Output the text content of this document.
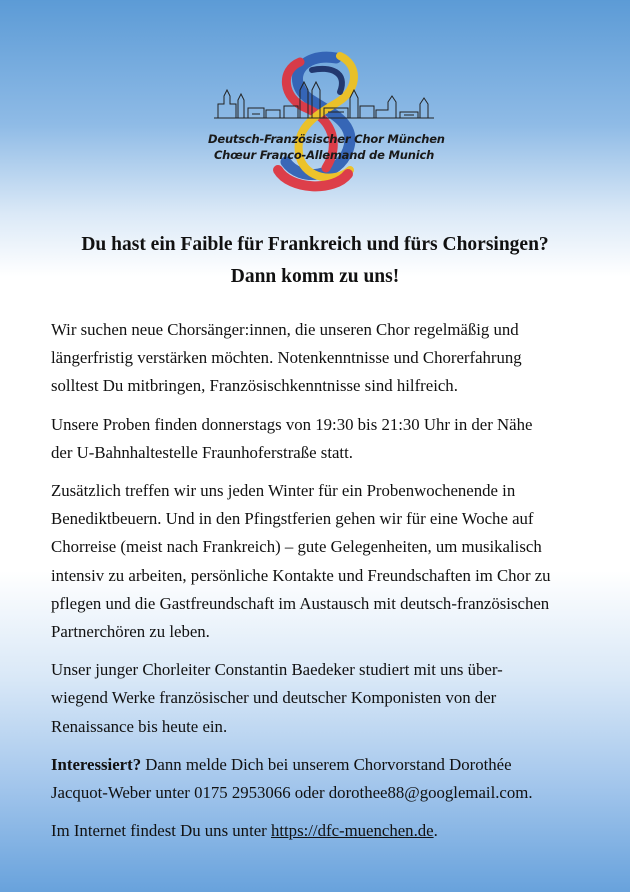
Deutsch-Französischer Chor München
Chœur Franco-Allemand de Munich
Du hast ein Faible für Frankreich und fürs Chorsingen?
Dann komm zu uns!

Wir suchen neue Chorsänger:innen, die unseren Chor regelmäßig und
längerfristig verstärken möchten. Notenkenntnisse und Chorerfahrung
solltest Du mitbringen, Französischkenntnisse sind hilfreich.

Unsere Proben finden donnerstags von 19:30 bis 21:30 Uhr in der Nähe
der U-Bahnhaltestelle Fraunhoferstraße statt.

Zusätzlich treffen wir uns jeden Winter für ein Probenwochenende in
Benediktbeuern. Und in den Pfingstferien gehen wir für eine Woche auf
Chorreise (meist nach Frankreich) – gute Gelegenheiten, um musikalisch
intensiv zu arbeiten, persönliche Kontakte und Freundschaften im Chor zu
pflegen und die Gastfreundschaft im Austausch mit deutsch-französischen
Partnerchören zu leben.

Unser junger Chorleiter Constantin Baedeker studiert mit uns über-
wiegend Werke französischer und deutscher Komponisten von der
Renaissance bis heute ein.

Interessiert? Dann melde Dich bei unserem Chorvorstand Dorothée
Jacquot-Weber unter 0175 2953066 oder dorothee88@googlemail.com.

Im Internet findest Du uns unter https://dfc-muenchen.de.
